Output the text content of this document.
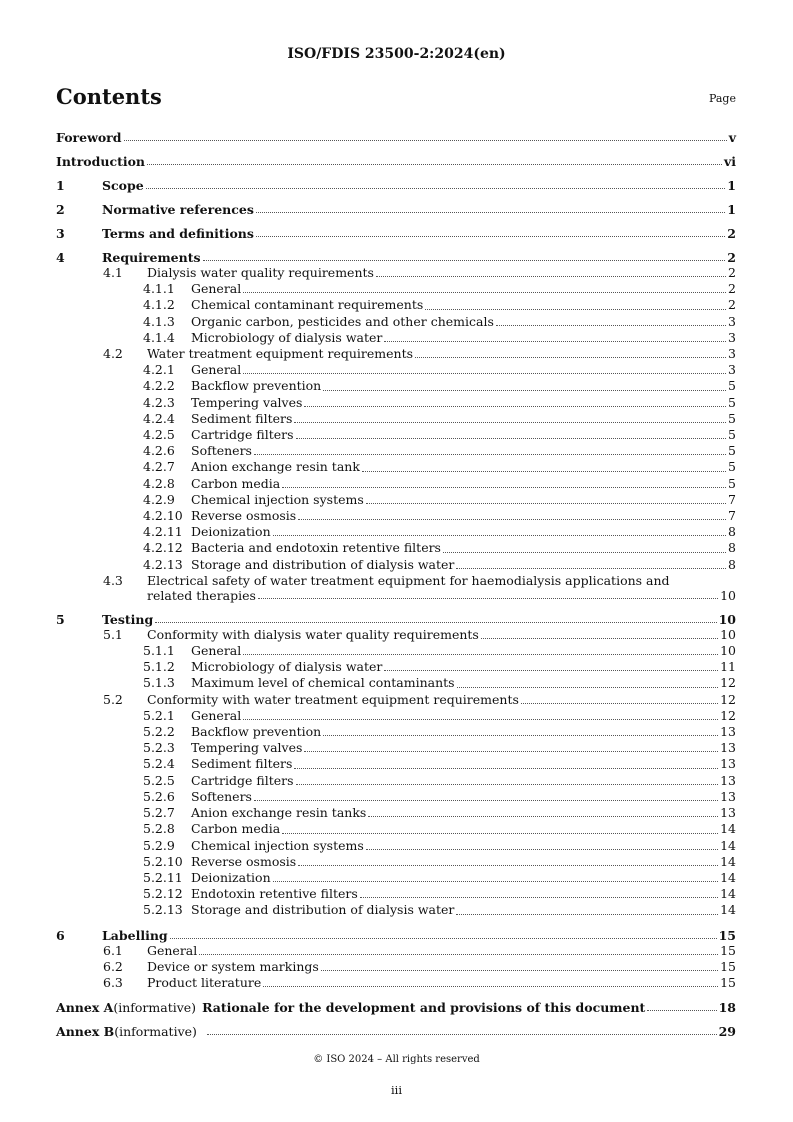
ISO/FDIS 23500-2:2024(en)
Contents	Page
Foreword	v
Introduction	vi
1	Scope	1
2	Normative references	1
3	Terms and definitions	2
4	Requirements	2
4.1	Dialysis water quality requirements	2
4.1.1	General	2
4.1.2	Chemical contaminant requirements	2
4.1.3	Organic carbon, pesticides and other chemicals	3
4.1.4	Microbiology of dialysis water	3
4.2	Water treatment equipment requirements	3
4.2.1	General	3
4.2.2	Backflow prevention	5
4.2.3	Tempering valves	5
4.2.4	Sediment filters	5
4.2.5	Cartridge filters	5
4.2.6	Softeners	5
4.2.7	Anion exchange resin tank	5
4.2.8	Carbon media	5
4.2.9	Chemical injection systems	7
4.2.10 Reverse osmosis	7
4.2.11 Deionization	8
4.2.12 Bacteria and endotoxin retentive filters	8
4.2.13 Storage and distribution of dialysis water	8
4.3	Electrical safety of water treatment equipment for haemodialysis applications and
related therapies	10
5	Testing	10
5.1	Conformity with dialysis water quality requirements	10
5.1.1	General	10
5.1.2	Microbiology of dialysis water	11
5.1.3	Maximum level of chemical contaminants	12
5.2	Conformity with water treatment equipment requirements	12
5.2.1	General	12
5.2.2	Backflow prevention	13
5.2.3	Tempering valves	13
5.2.4	Sediment filters	13
5.2.5	Cartridge filters	13
5.2.6	Softeners	13
5.2.7	Anion exchange resin tanks	13
5.2.8	Carbon media	14
5.2.9	Chemical injection systems	14
5.2.10 Reverse osmosis	14
5.2.11 Deionization	14
5.2.12 Endotoxin retentive filters	14
5.2.13 Storage and distribution of dialysis water	14
6	Labelling	15
6.1	General	15
6.2	Device or system markings	15
6.3	Product literature	15
Annex A (informative) Rationale for the development and provisions of this document	18
Annex B (informative)	29
© ISO 2024 – All rights reserved
iii
